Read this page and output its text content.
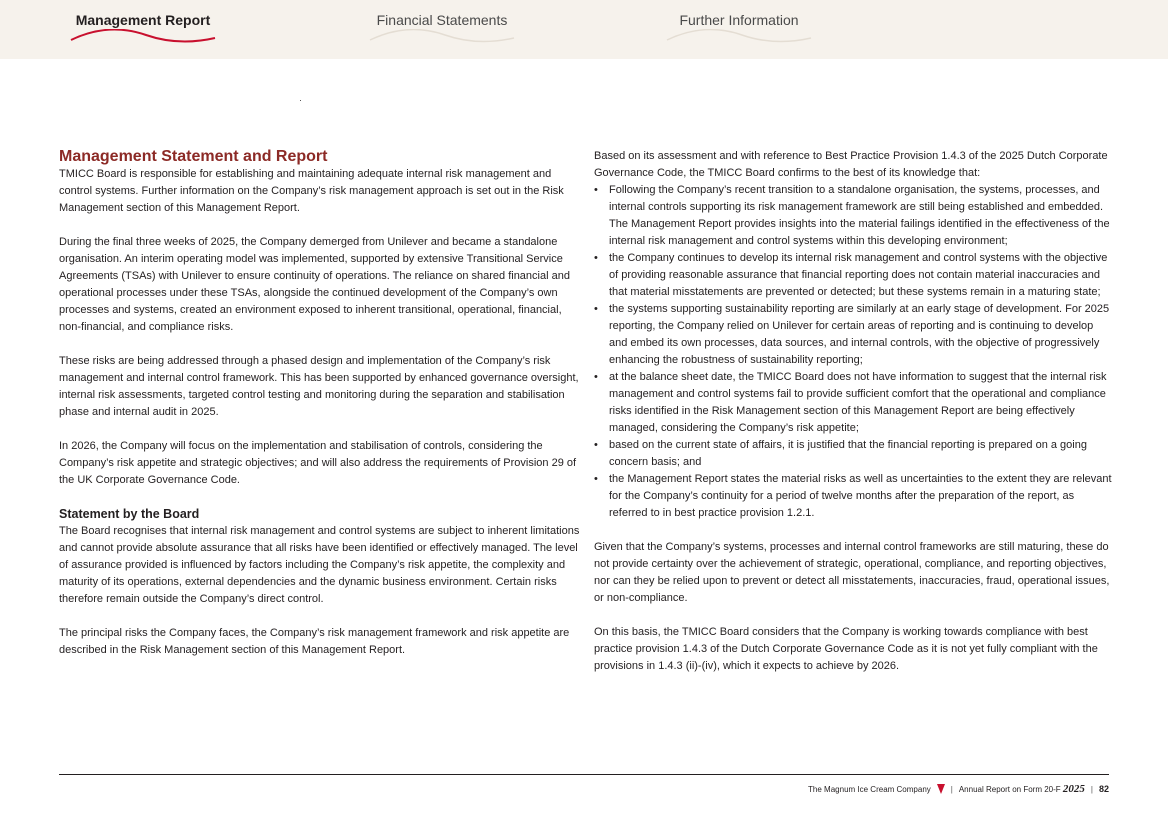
Management Report	Financial Statements	Further Information
Management Statement and Report

TMICC Board is responsible for establishing and maintaining adequate internal risk management and control systems. Further information on the Company’s risk management approach is set out in the Risk Management section of this Management Report.

During the final three weeks of 2025, the Company demerged from Unilever and became a standalone organisation. An interim operating model was implemented, supported by extensive Transitional Service Agreements (TSAs) with Unilever to ensure continuity of operations. The reliance on shared financial and operational processes under these TSAs, alongside the continued development of the Company’s own processes and systems, created an environment exposed to inherent transitional, operational, financial, non-financial, and compliance risks.

These risks are being addressed through a phased design and implementation of the Company’s risk management and internal control framework. This has been supported by enhanced governance oversight, internal risk assessments, targeted control testing and monitoring during the separation and stabilisation phase and internal audit in 2025.

In 2026, the Company will focus on the implementation and stabilisation of controls, considering the Company’s risk appetite and strategic objectives; and will also address the requirements of Provision 29 of the UK Corporate Governance Code.

Statement by the Board

The Board recognises that internal risk management and control systems are subject to inherent limitations and cannot provide absolute assurance that all risks have been identified or effectively managed. The level of assurance provided is influenced by factors including the Company’s risk appetite, the complexity and maturity of its operations, external dependencies and the dynamic business environment. Certain risks therefore remain outside the Company’s direct control.

The principal risks the Company faces, the Company’s risk management framework and risk appetite are described in the Risk Management section of this Management Report.

Based on its assessment and with reference to Best Practice Provision 1.4.3 of the 2025 Dutch Corporate Governance Code, the TMICC Board confirms to the best of its knowledge that:

• Following the Company’s recent transition to a standalone organisation, the systems, processes, and internal controls supporting its risk management framework are still being established and embedded. The Management Report provides insights into the material failings identified in the effectiveness of the internal risk management and control systems within this developing environment;
• the Company continues to develop its internal risk management and control systems with the objective of providing reasonable assurance that financial reporting does not contain material inaccuracies and that material misstatements are prevented or detected; but these systems remain in a maturing state;
• the systems supporting sustainability reporting are similarly at an early stage of development. For 2025 reporting, the Company relied on Unilever for certain areas of reporting and is continuing to develop and embed its own processes, data sources, and internal controls, with the objective of progressively enhancing the robustness of sustainability reporting;
• at the balance sheet date, the TMICC Board does not have information to suggest that the internal risk management and control systems fail to provide sufficient comfort that the operational and compliance risks identified in the Risk Management section of this Management Report are being effectively managed, considering the Company’s risk appetite;
• based on the current state of affairs, it is justified that the financial reporting is prepared on a going concern basis; and
• the Management Report states the material risks as well as uncertainties to the extent they are relevant for the Company’s continuity for a period of twelve months after the preparation of the report, as referred to in best practice provision 1.2.1.

Given that the Company’s systems, processes and internal control frameworks are still maturing, these do not provide certainty over the achievement of strategic, operational, compliance, and reporting objectives, nor can they be relied upon to prevent or detect all misstatements, inaccuracies, fraud, operational issues, or non-compliance.

On this basis, the TMICC Board considers that the Company is working towards compliance with best practice provision 1.4.3 of the Dutch Corporate Governance Code as it is not yet fully compliant with the provisions in 1.4.3 (ii)-(iv), which it expects to achieve by 2026.

The Magnum Ice Cream Company	| Annual Report on Form 20-F 2025 | 82
